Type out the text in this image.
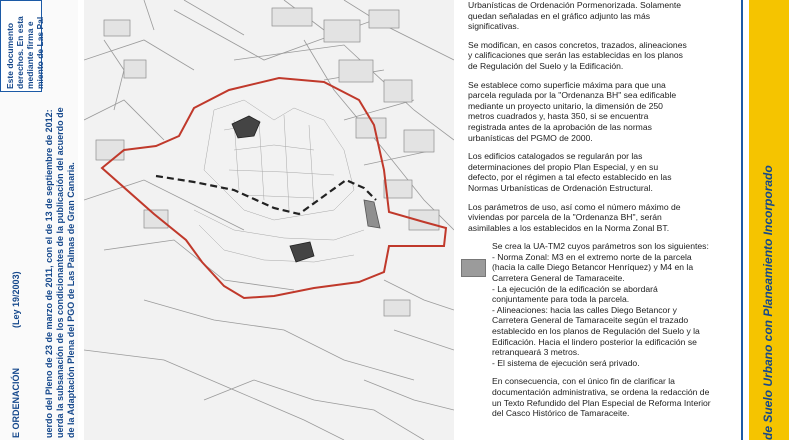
Este documento derechos. En esta mediante firma e miento de Las Pal
uerdo del Pleno de 23 de marzo de 2011, con el de 13 de septiembre de 2012: uerda la subsanación de los condicionantes de la publicación del acuerdo de de la Adaptación Plena del PGO de Las Palmas de Gran Canaria.
E ORDENACIÓN                (Ley 19/2003)

Urbanísticas de Ordenación Pormenorizada. Solamente
quedan señaladas en el gráfico adjunto las más
significativas.

Se modifican, en casos concretos, trazados, alineaciones
y calificaciones que serán las establecidas en los planos
de Regulación del Suelo y la Edificación.

Se establece como superficie máxima para que una
parcela regulada por la "Ordenanza BH" sea edificable
mediante un proyecto unitario, la dimensión de 250
metros cuadrados y, hasta 350, si se encuentra
registrada antes de la aprobación de las normas
urbanísticas del PGMO de 2000.

Los edificios catalogados se regularán por las
determinaciones del propio Plan Especial, y en su
defecto, por el régimen a tal efecto establecido en las
Normas Urbanísticas de Ordenación Estructural.

Los parámetros de uso, así como el número máximo de
viviendas por parcela de la "Ordenanza BH", serán
asimilables a los establecidos en la Norma Zonal BT.

Se crea la UA-TM2 cuyos parámetros son los siguientes:
- Norma Zonal: M3 en el extremo norte de la parcela
(hacia la calle Diego Betancor Henríquez) y M4 en la
Carretera General de Tamaraceite.
- La ejecución de la edificación se abordará
conjuntamente para toda la parcela.
- Alineaciones: hacia las calles Diego Betancor y
Carretera General de Tamaraceite según el trazado
establecido en los planos de Regulación del Suelo y la
Edificación. Hacia el lindero posterior la edificación se
retranqueará 3 metros.
- El sistema de ejecución será privado.

En consecuencia, con el único fin de clarificar la
documentación administrativa, se ordena la redacción de
un Texto Refundido del Plan Especial de Reforma Interior
del Casco Histórico de Tamaraceite.	de Suelo Urbano con Planeamiento Incorporado
